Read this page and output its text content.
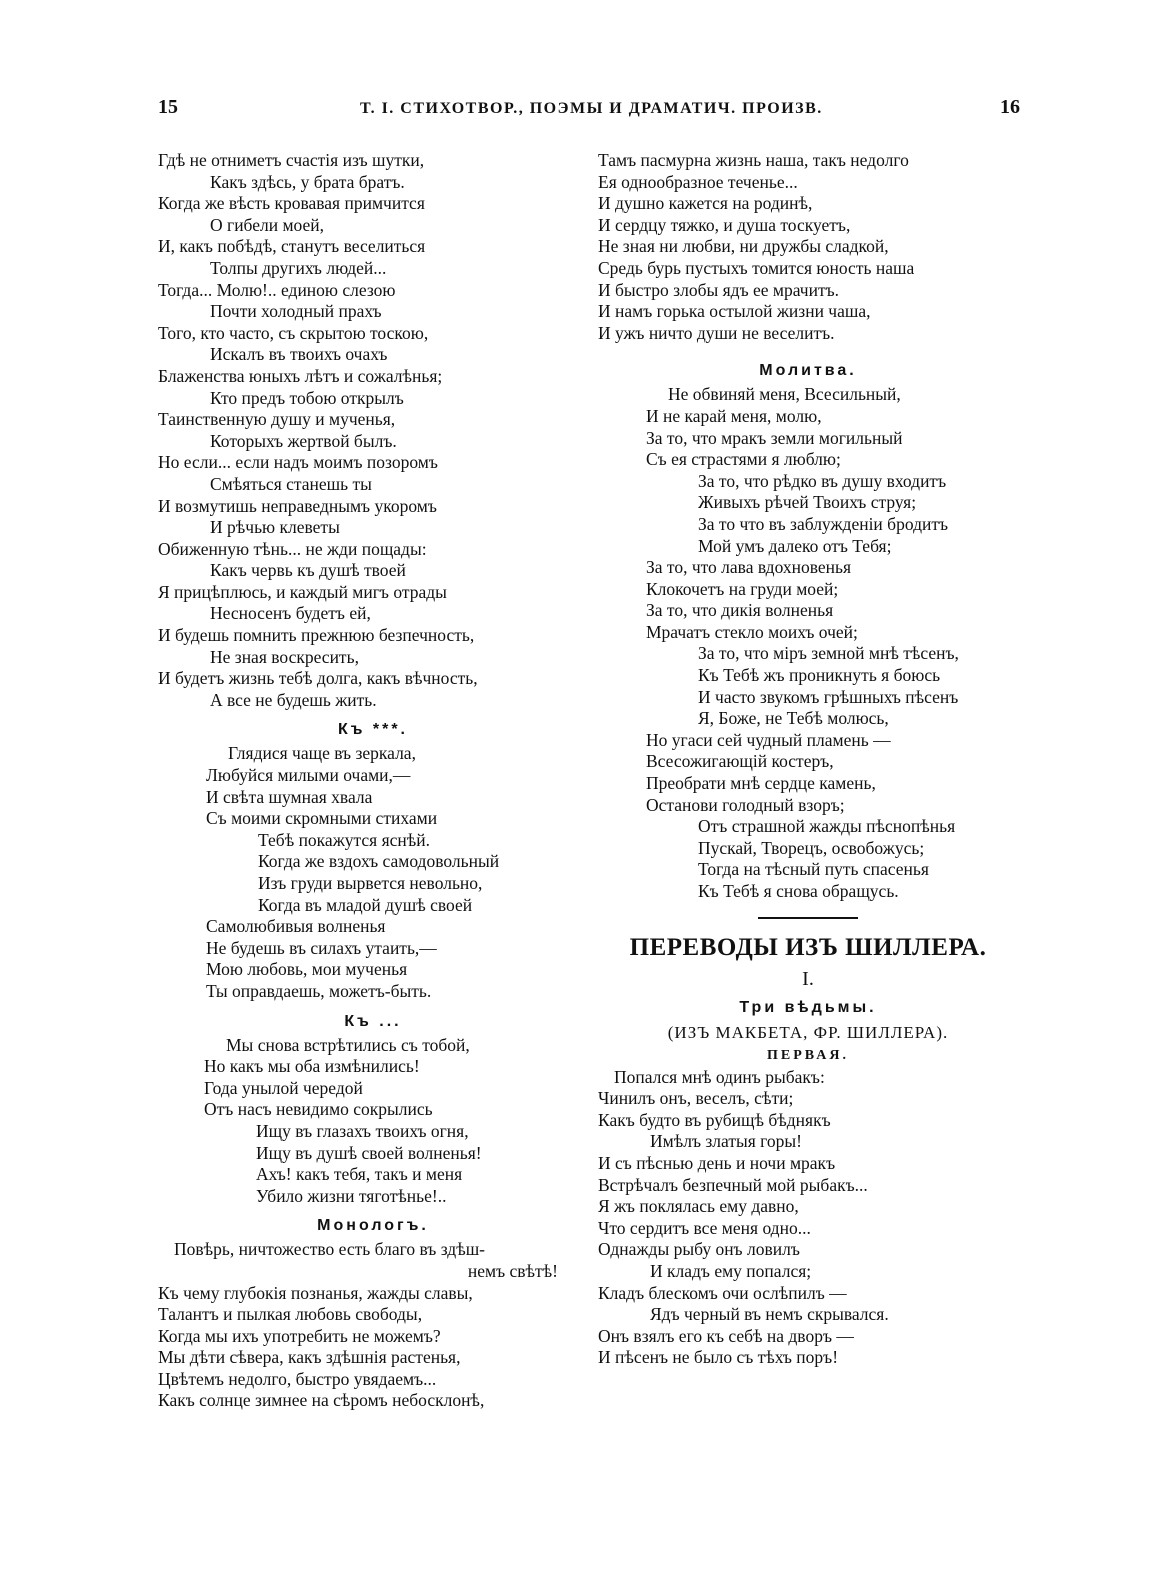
15	Т. I. СТИХОТВОР., ПОЭМЫ И ДРАМАТИЧ. ПРОИЗВ.	16
Гдѣ не отниметъ счастія изъ шутки,
Какъ здѣсь, у брата братъ.
Когда же вѣсть кровавая примчится
О гибели моей,
И, какъ побѣдѣ, станутъ веселиться
Толпы другихъ людей...
Тогда... Молю!.. единою слезою
Почти холодный прахъ
Того, кто часто, съ скрытою тоскою,
Искалъ въ твоихъ очахъ
Блаженства юныхъ лѣтъ и сожалѣнья;
Кто предъ тобою открылъ
Таинственную душу и мученья,
Которыхъ жертвой былъ.
Но если... если надъ моимъ позоромъ
Смѣяться станешь ты
И возмутишь неправеднымъ укоромъ
И рѣчью клеветы
Обиженную тѣнь... не жди пощады:
Какъ червь къ душѣ твоей
Я прицѣплюсь, и каждый мигъ отрады
Несносенъ будетъ ей,
И будешь помнить прежнюю безпечность,
Не зная воскресить,
И будетъ жизнь тебѣ долга, какъ вѣчность,
А все не будешь жить.
Къ ***.
Глядися чаще въ зеркала,
Любуйся милыми очами,—
И свѣта шумная хвала
Съ моими скромными стихами
Тебѣ покажутся яснѣй.
Когда же вздохъ самодовольный
Изъ груди вырвется невольно,
Когда въ младой душѣ своей
Самолюбивыя волненья
Не будешь въ силахъ утаить,—
Мою любовь, мои мученья
Ты оправдаешь, можетъ-быть.
Къ ...
Мы снова встрѣтились съ тобой,
Но какъ мы оба измѣнились!
Года унылой чередой
Отъ насъ невидимо сокрылись
Ищу въ глазахъ твоихъ огня,
Ищу въ душѣ своей волненья!
Ахъ! какъ тебя, такъ и меня
Убило жизни тяготѣнье!..
Монологъ.
Повѣрь, ничтожество есть благо въ здѣш-
немъ свѣтѣ!
Къ чему глубокія познанья, жажды славы,
Талантъ и пылкая любовь свободы,
Когда мы ихъ употребить не можемъ?
Мы дѣти сѣвера, какъ здѣшнія растенья,
Цвѣтемъ недолго, быстро увядаемъ...
Какъ солнце зимнее на сѣромъ небосклонѣ,
Тамъ пасмурна жизнь наша, такъ недолго
Ея однообразное теченье...
И душно кажется на родинѣ,
И сердцу тяжко, и душа тоскуетъ,
Не зная ни любви, ни дружбы сладкой,
Средь бурь пустыхъ томится юность наша
И быстро злобы ядъ ее мрачитъ.
И намъ горька остылой жизни чаша,
И ужъ ничто души не веселитъ.
Молитва.
Не обвиняй меня, Всесильный,
И не карай меня, молю,
За то, что мракъ земли могильный
Съ ея страстями я люблю;
За то, что рѣдко въ душу входитъ
Живыхъ рѣчей Твоихъ струя;
За то что въ заблужденіи бродитъ
Мой умъ далеко отъ Тебя;
За то, что лава вдохновенья
Клокочетъ на груди моей;
За то, что дикія волненья
Мрачатъ стекло моихъ очей;
За то, что міръ земной мнѣ тѣсенъ,
Къ Тебѣ жъ проникнуть я боюсь
И часто звукомъ грѣшныхъ пѣсенъ
Я, Боже, не Тебѣ молюсь,
Но угаси сей чудный пламень —
Всесожигающій костеръ,
Преобрати мнѣ сердце камень,
Останови голодный взоръ;
Отъ страшной жажды пѣснопѣнья
Пускай, Творецъ, освобожусь;
Тогда на тѣсный путь спасенья
Къ Тебѣ я снова обращусь.
ПЕРЕВОДЫ ИЗЪ ШИЛЛЕРА.
I.
Три вѣдьмы.
(ИЗЪ МАКБЕТА, ФР. ШИЛЛЕРА).
ПЕРВАЯ.
Попался мнѣ одинъ рыбакъ:
Чинилъ онъ, веселъ, сѣти;
Какъ будто въ рубищѣ бѣднякъ
Имѣлъ златыя горы!
И съ пѣснью день и ночи мракъ
Встрѣчалъ безпечный мой рыбакъ...
Я жъ поклялась ему давно,
Что сердитъ все меня одно...
Однажды рыбу онъ ловилъ
И кладъ ему попался;
Кладъ блескомъ очи ослѣпилъ —
Ядъ черный въ немъ скрывался.
Онъ взялъ его къ себѣ на дворъ —
И пѣсенъ не было съ тѣхъ поръ!
